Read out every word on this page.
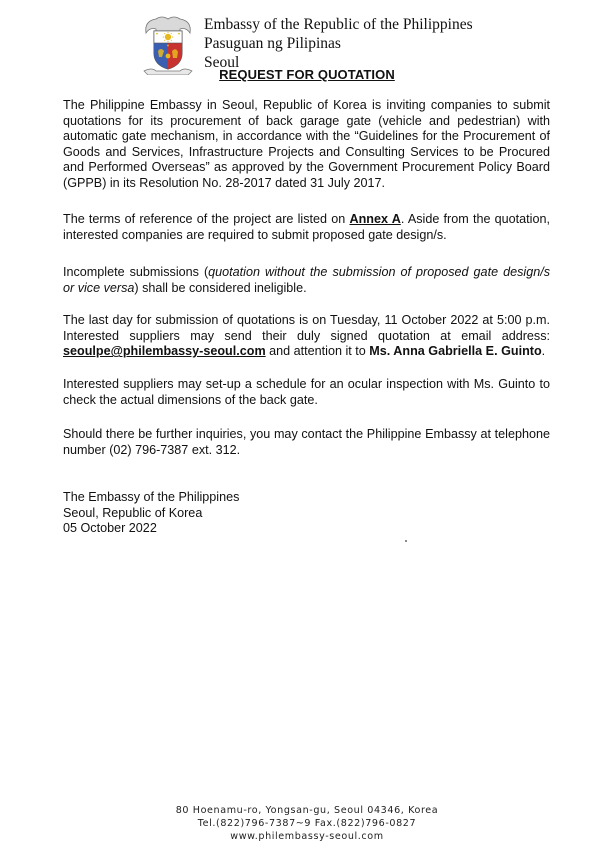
Embassy of the Republic of the Philippines
Pasuguan ng Pilipinas
Seoul
REQUEST FOR QUOTATION

The Philippine Embassy in Seoul, Republic of Korea is inviting companies to submit quotations for its procurement of back garage gate (vehicle and pedestrian) with automatic gate mechanism, in accordance with the “Guidelines for the Procurement of Goods and Services, Infrastructure Projects and Consulting Services to be Procured and Performed Overseas” as approved by the Government Procurement Policy Board (GPPB) in its Resolution No. 28-2017 dated 31 July 2017.

The terms of reference of the project are listed on Annex A. Aside from the quotation, interested companies are required to submit proposed gate design/s.

Incomplete submissions (quotation without the submission of proposed gate design/s or vice versa) shall be considered ineligible.

The last day for submission of quotations is on Tuesday, 11 October 2022 at 5:00 p.m. Interested suppliers may send their duly signed quotation at email address: seoulpe@philembassy-seoul.com and attention it to Ms. Anna Gabriella E. Guinto.

Interested suppliers may set-up a schedule for an ocular inspection with Ms. Guinto to check the actual dimensions of the back gate.

Should there be further inquiries, you may contact the Philippine Embassy at telephone number (02) 796-7387 ext. 312.

The Embassy of the Philippines
Seoul, Republic of Korea
05 October 2022
80 Hoenamu-ro, Yongsan-gu, Seoul 04346, Korea
Tel.(822)796-7387~9 Fax.(822)796-0827
www.philembassy-seoul.com
